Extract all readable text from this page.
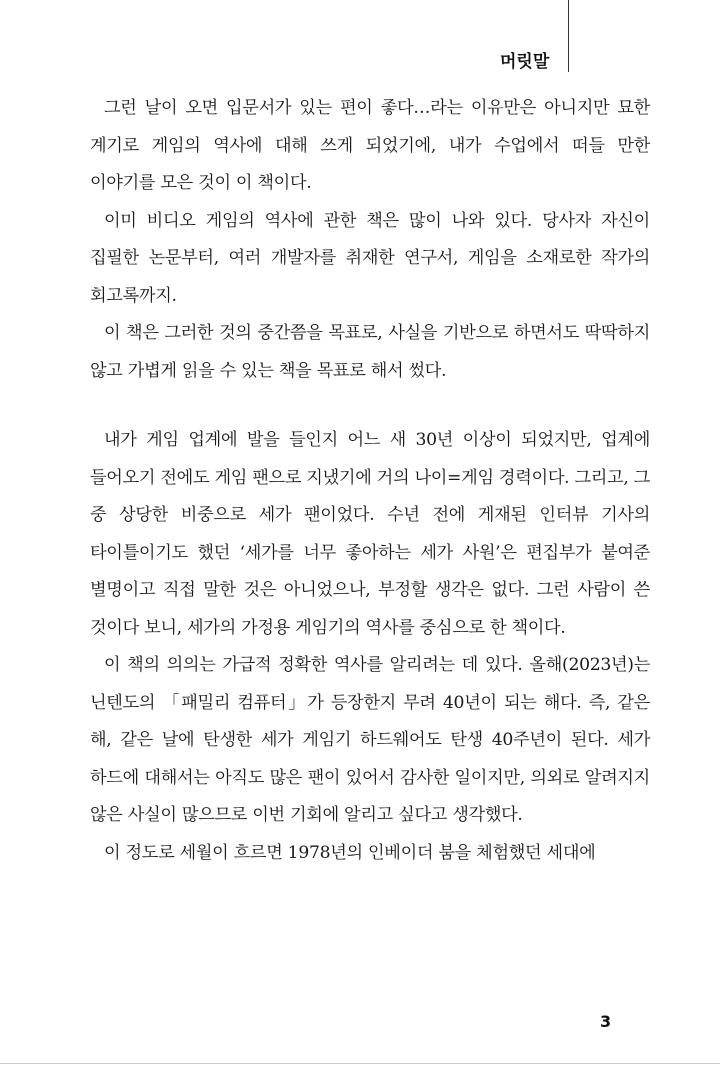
머릿말

그런 날이 오면 입문서가 있는 편이 좋다…라는 이유만은 아니지만 묘한 계기로 게임의 역사에 대해 쓰게 되었기에, 내가 수업에서 떠들 만한 이야기를 모은 것이 이 책이다.

이미 비디오 게임의 역사에 관한 책은 많이 나와 있다. 당사자 자신이 집필한 논문부터, 여러 개발자를 취재한 연구서, 게임을 소재로한 작가의 회고록까지.

이 책은 그러한 것의 중간쯤을 목표로, 사실을 기반으로 하면서도 딱딱하지 않고 가볍게 읽을 수 있는 책을 목표로 해서 썼다.

내가 게임 업계에 발을 들인지 어느 새 30년 이상이 되었지만, 업계에 들어오기 전에도 게임 팬으로 지냈기에 거의 나이=게임 경력이다. 그리고, 그 중 상당한 비중으로 세가 팬이었다. 수년 전에 게재된 인터뷰 기사의 타이틀이기도 했던 ‘세가를 너무 좋아하는 세가 사원’은 편집부가 붙여준 별명이고 직접 말한 것은 아니었으나, 부정할 생각은 없다. 그런 사람이 쓴 것이다 보니, 세가의 가정용 게임기의 역사를 중심으로 한 책이다.

이 책의 의의는 가급적 정확한 역사를 알리려는 데 있다. 올해(2023년)는 닌텐도의 「패밀리 컴퓨터」가 등장한지 무려 40년이 되는 해다. 즉, 같은 해, 같은 날에 탄생한 세가 게임기 하드웨어도 탄생 40주년이 된다. 세가 하드에 대해서는 아직도 많은 팬이 있어서 감사한 일이지만, 의외로 알려지지 않은 사실이 많으므로 이번 기회에 알리고 싶다고 생각했다.

이 정도로 세월이 흐르면 1978년의 인베이더 붐을 체험했던 세대에

3
